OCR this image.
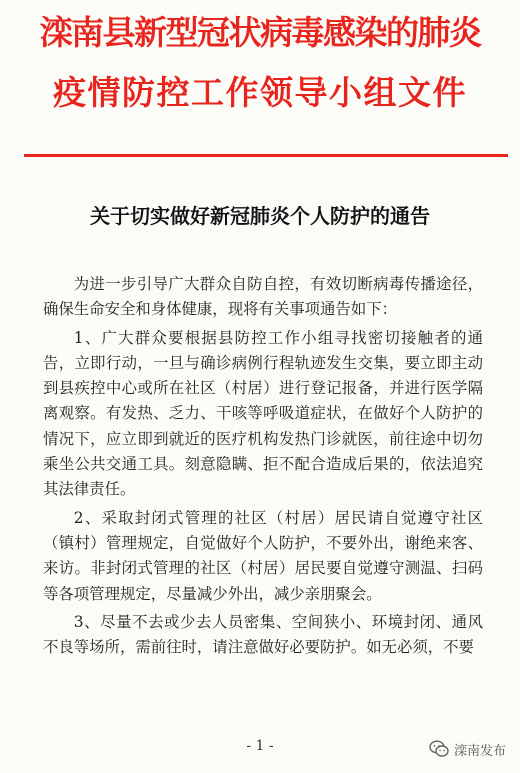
滦南县新型冠状病毒感染的肺炎
疫情防控工作领导小组文件
关于切实做好新冠肺炎个人防护的通告

为进一步引导广大群众自防自控，有效切断病毒传播途径，确保生命安全和身体健康，现将有关事项通告如下：

1、广大群众要根据县防控工作小组寻找密切接触者的通告，立即行动，一旦与确诊病例行程轨迹发生交集，要立即主动到县疾控中心或所在社区（村居）进行登记报备，并进行医学隔离观察。有发热、乏力、干咳等呼吸道症状，在做好个人防护的情况下，应立即到就近的医疗机构发热门诊就医，前往途中切勿乘坐公共交通工具。刻意隐瞒、拒不配合造成后果的，依法追究其法律责任。

2、采取封闭式管理的社区（村居）居民请自觉遵守社区（镇村）管理规定，自觉做好个人防护，不要外出，谢绝来客、来访。非封闭式管理的社区（村居）居民要自觉遵守测温、扫码等各项管理规定，尽量减少外出，减少亲朋聚会。

3、尽量不去或少去人员密集、空间狭小、环境封闭、通风不良等场所，需前往时，请注意做好必要防护。如无必须，不要

- 1 -	滦南发布
